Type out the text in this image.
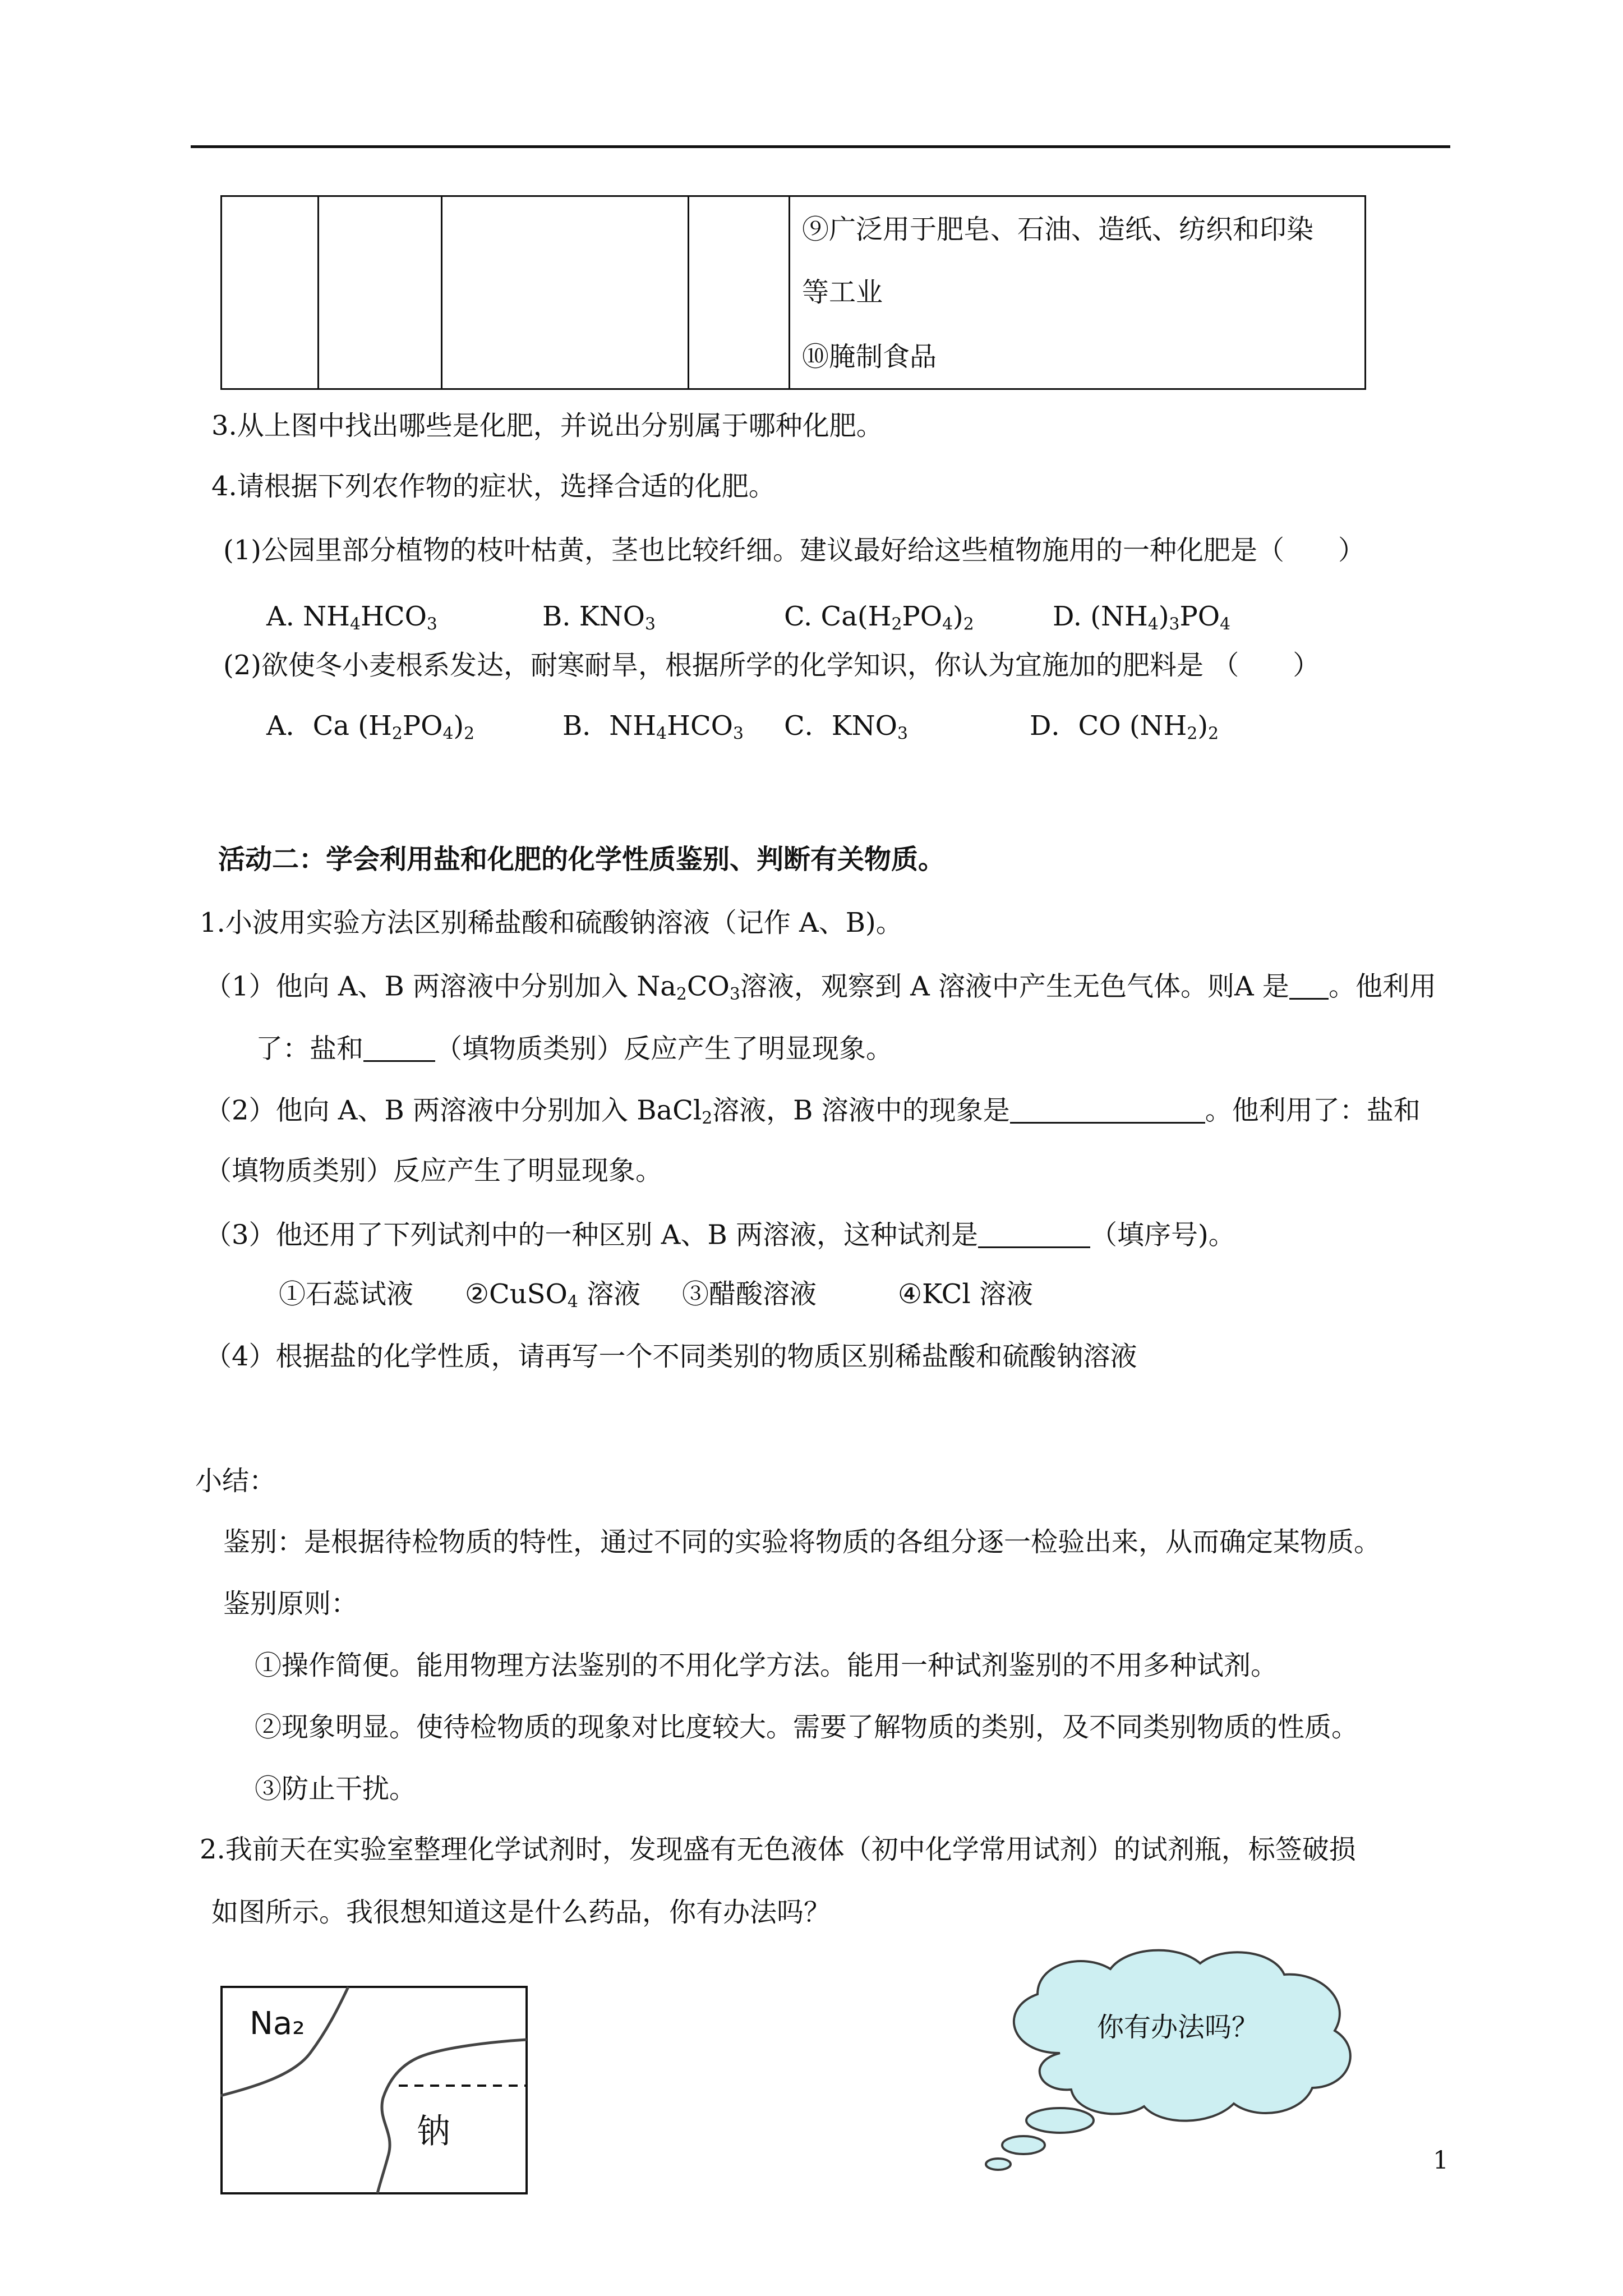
⑨广泛用于肥皂、石油、造纸、纺织和印染
等工业
⑩腌制食品
3.从上图中找出哪些是化肥，并说出分别属于哪种化肥。
4.请根据下列农作物的症状，选择合适的化肥。
(1)公园里部分植物的枝叶枯黄，茎也比较纤细。建议最好给这些植物施用的一种化肥是（　　）
A. $NH_4HCO_3$	B. $KNO_3$	C. $Ca(H_2PO_4)_2$	D. $(NH_4)_3PO_4$
(2)欲使冬小麦根系发达，耐寒耐旱，根据所学的化学知识，你认为宜施加的肥料是 （　　）
A．Ca $(H_2PO_4)_2$	B．$NH_4HCO_3$ C．$KNO_3$	D．CO $(NH_2)_2$
活动二：学会利用盐和化肥的化学性质鉴别、判断有关物质。
1.小波用实验方法区别稀盐酸和硫酸钠溶液（记作 A、B)。
（1）他向 A、B 两溶液中分别加入 $Na_2CO_3$溶液，观察到 A 溶液中产生无色气体。则A 是 。他利用
了：盐和	（填物质类别）反应产生了明显现象。
（2）他向 A、B 两溶液中分别加入 BaCl$_2$溶液，B 溶液中的现象是	。他利用了：盐和
（填物质类别）反应产生了明显现象。
（3）他还用了下列试剂中的一种区别 A、B 两溶液，这种试剂是	（填序号)。
①石蕊试液 ②CuSO$_4$ 溶液 ③醋酸溶液	④KCl 溶液
（4）根据盐的化学性质，请再写一个不同类别的物质区别稀盐酸和硫酸钠溶液
小结：
鉴别：是根据待检物质的特性，通过不同的实验将物质的各组分逐一检验出来，从而确定某物质。
鉴别原则：
①操作简便。能用物理方法鉴别的不用化学方法。能用一种试剂鉴别的不用多种试剂。
②现象明显。使待检物质的现象对比度较大。需要了解物质的类别，及不同类别物质的性质。
③防止干扰。
2.我前天在实验室整理化学试剂时，发现盛有无色液体（初中化学常用试剂）的试剂瓶，标签破损
如图所示。我很想知道这是什么药品，你有办法吗？
Na₂
钠
你有办法吗？
1
